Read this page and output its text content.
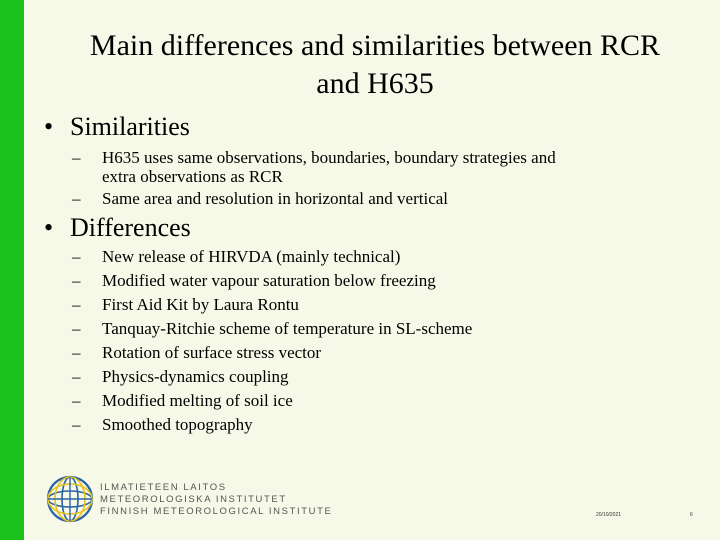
Main differences and similarities between RCR
and H635
• Similarities
– H635 uses same observations, boundaries, boundary strategies and
extra observations as RCR
– Same area and resolution in horizontal and vertical
• Differences
– New release of HIRVDA (mainly technical)
– Modified water vapour saturation below freezing
– First Aid Kit by Laura Rontu
– Tanquay-Ritchie scheme of temperature in SL-scheme
– Rotation of surface stress vector
– Physics-dynamics coupling
– Modified melting of soil ice
– Smoothed topography
ILMATIETEEN LAITOS
METEOROLOGISKA INSTITUTET
FINNISH METEOROLOGICAL INSTITUTE	20/10/2021	6
